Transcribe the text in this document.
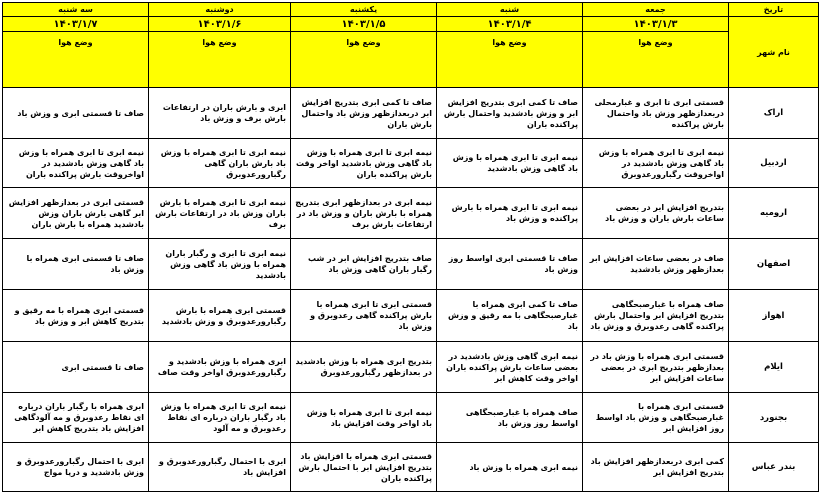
تاریخ	جمعه	شنبه	یکشنبه	دوشنبه	سه شنبه
نام شهر	۱۴۰۳/۱/۳	۱۴۰۳/۱/۴	۱۴۰۳/۱/۵	۱۴۰۳/۱/۶	۱۴۰۳/۱/۷
	وضع هوا	وضع هوا	وضع هوا	وضع هوا	وضع هوا
اراک	قسمتی ابری تا ابری و غبارمحلی دربعدازظهر وزش باد واحتمال بارش پراکنده	صاف تا کمی ابری بتدریج افزایش ابر و وزش بادشدید واحتمال بارش پراکنده باران	صاف تا کمی ابری بتدریج افزایش ابر دربعدازظهر وزش باد واحتمال بارش باران	ابری و بارش باران در ارتفاعات بارش برف و وزش باد	صاف تا قسمتی ابری و وزش باد
اردبیل	نیمه ابری تا ابری همراه با وزش باد گاهی وزش بادشدید در اواخروقت رگبارورعدوبرق	نیمه ابری تا ابری همراه با وزش باد گاهی وزش بادشدید	نیمه ابری تا ابری همراه با وزش باد گاهی وزش بادشدید اواخر وقت بارش پراکنده باران	نیمه ابری تا ابری همراه با وزش باد بارش باران گاهی رگبارورعدوبرق	نیمه ابری تا ابری همراه با وزش باد گاهی وزش بادشدید در اواخروقت بارش پراکنده باران
ارومیه	بتدریج افزایش ابر در بعضی ساعات بارش باران و وزش باد	نیمه ابری تا ابری همراه با بارش پراکنده و وزش باد	نیمه ابری در بعدازظهر ابری بتدریج همراه با بارش باران و وزش باد در ارتفاعات بارش برف	نیمه ابری تا ابری همراه با بارش باران وزش باد در ارتفاعات بارش برف	قسمتی ابری در بعدازظهر افزایش ابر گاهی بارش باران وزش بادشدید همراه با بارش باران
اصفهان	صاف در بعضی ساعات افزایش ابر بعدازظهر وزش بادشدید	صاف تا قسمتی ابری اواسط روز وزش باد	صاف بتدریج افزایش ابر در شب رگبار باران گاهی وزش باد	نیمه ابری تا ابری و رگبار باران همراه با وزش باد گاهی وزش بادشدید	صاف تا قسمتی ابری همراه با وزش باد
اهواز	صاف همراه با غبارصبحگاهی بتدریج افزایش ابر واحتمال بارش پراکنده گاهی رعدوبرق و وزش باد	صاف تا کمی ابری همراه با غبارصبحگاهی با مه رقیق و وزش باد	قسمتی ابری تا ابری همراه با بارش پراکنده گاهی رعدوبرق و وزش باد	قسمتی ابری همراه با بارش رگبارورعدوبرق و وزش بادشدید	قسمتی ابری همراه با مه رقیق و بتدریج کاهش ابر و وزش باد
ایلام	قسمتی ابری همراه با وزش باد در بعدازظهر بتدریج ابری در بعضی ساعات افزایش ابر	نیمه ابری گاهی وزش بادشدید در بعضی ساعات بارش پراکنده باران اواخر وقت کاهش ابر	بتدریج ابری همراه با وزش بادشدید در بعدازظهر رگبارورعدوبرق	ابری همراه با وزش بادشدید و رگبارورعدوبرق اواخر وقت صاف	صاف تا قسمتی ابری
بجنورد	قسمتی ابری همراه با غبارصبحگاهی و وزش باد اواسط روز افزایش ابر	صاف همراه با غبارصبحگاهی اواسط روز وزش باد	نیمه ابری تا ابری همراه با وزش باد اواخر وقت افزایش باد	نیمه ابری تا ابری همراه با وزش باد رگبار باران درباره ای نقاط رعدوبرق و مه آلود	ابری همراه با رگبار باران درباره ای نقاط رعدوبرق و مه آلودگاهی افزایش باد بتدریج کاهش ابر
بندر عباس	کمی ابری دربعدازظهر افزایش باد بتدریج افزایش ابر	نیمه ابری همراه با وزش باد	قسمتی ابری همراه با افزایش باد بتدریج افزایش ابر با احتمال بارش پراکنده باران	ابری با احتمال رگبارورعدوبرق و افزایش باد	ابری با احتمال رگبارورعدوبرق و وزش بادشدید و دریا مواج
